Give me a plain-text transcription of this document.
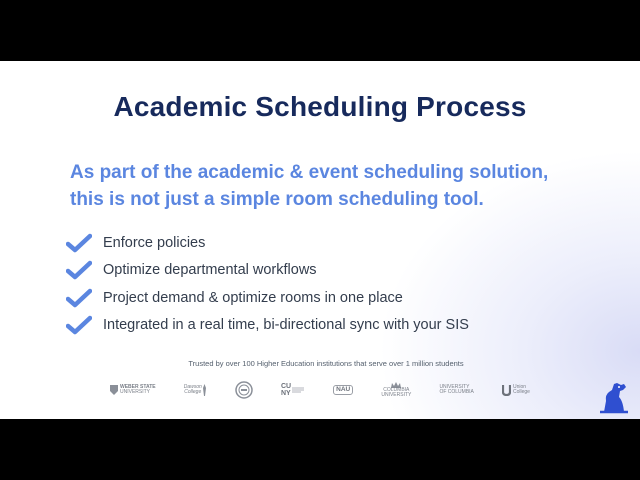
Academic Scheduling Process

As part of the academic & event scheduling solution,
this is not just a simple room scheduling tool.

Enforce policies
Optimize departmental workflows
Project demand & optimize rooms in one place
Integrated in a real time, bi-directional sync with your SIS

Trusted by over 100 Higher Education institutions that serve over 1 million students

WEBER STATE
UNIVERSITY
Dawson
College
CU
NY
NAU	COLUMBIA
UNIVERSITY
UNIVERSITY
OF COLUMBIA
Union
College
